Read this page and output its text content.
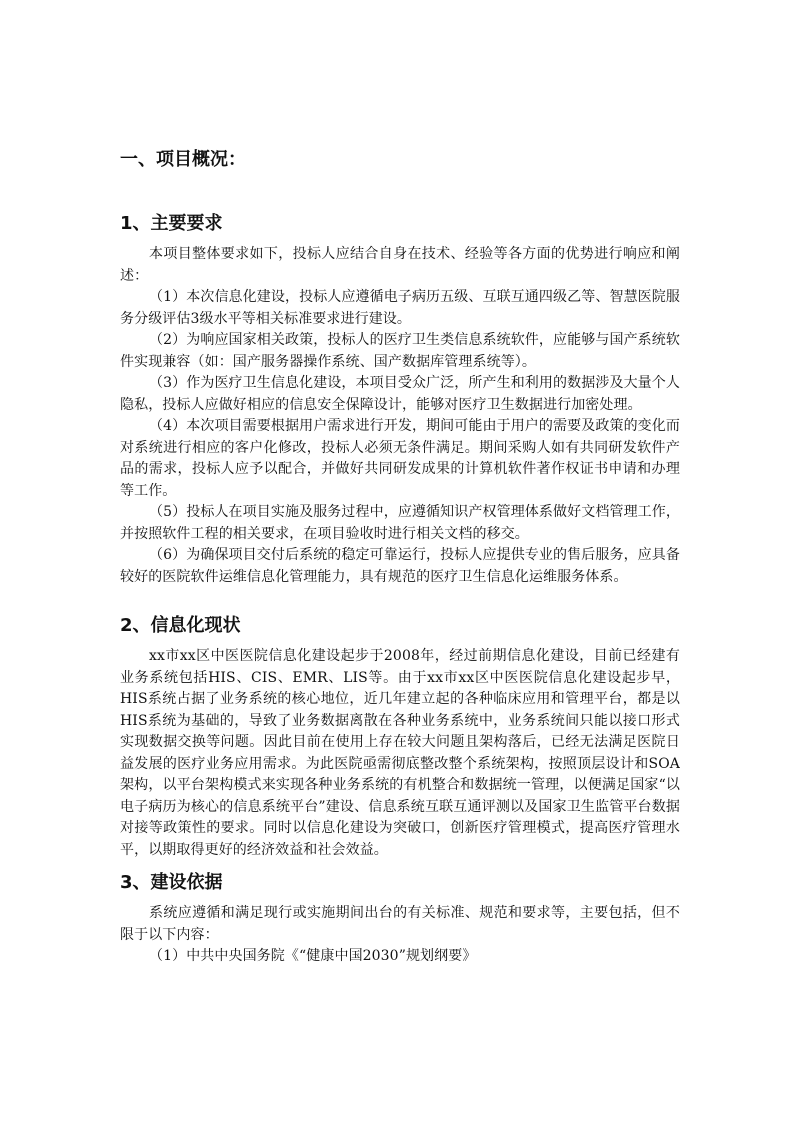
一、项目概况：
1、主要要求

本项目整体要求如下，投标人应结合自身在技术、经验等各方面的优势进行响应和阐述：

（1）本次信息化建设，投标人应遵循电子病历五级、互联互通四级乙等、智慧医院服务分级评估3级水平等相关标准要求进行建设。

（2）为响应国家相关政策，投标人的医疗卫生类信息系统软件，应能够与国产系统软件实现兼容（如：国产服务器操作系统、国产数据库管理系统等）。

（3）作为医疗卫生信息化建设，本项目受众广泛，所产生和利用的数据涉及大量个人隐私，投标人应做好相应的信息安全保障设计，能够对医疗卫生数据进行加密处理。

（4）本次项目需要根据用户需求进行开发，期间可能由于用户的需要及政策的变化而对系统进行相应的客户化修改，投标人必须无条件满足。期间采购人如有共同研发软件产品的需求，投标人应予以配合，并做好共同研发成果的计算机软件著作权证书申请和办理等工作。

（5）投标人在项目实施及服务过程中，应遵循知识产权管理体系做好文档管理工作，并按照软件工程的相关要求，在项目验收时进行相关文档的移交。

（6）为确保项目交付后系统的稳定可靠运行，投标人应提供专业的售后服务，应具备较好的医院软件运维信息化管理能力，具有规范的医疗卫生信息化运维服务体系。

2、信息化现状

xx市xx区中医医院信息化建设起步于2008年，经过前期信息化建设，目前已经建有业务系统包括HIS、CIS、EMR、LIS等。由于xx市xx区中医医院信息化建设起步早，HIS系统占据了业务系统的核心地位，近几年建立起的各种临床应用和管理平台，都是以HIS系统为基础的，导致了业务数据离散在各种业务系统中，业务系统间只能以接口形式实现数据交换等问题。因此目前在使用上存在较大问题且架构落后，已经无法满足医院日益发展的医疗业务应用需求。为此医院亟需彻底整改整个系统架构，按照顶层设计和SOA架构，以平台架构模式来实现各种业务系统的有机整合和数据统一管理，以便满足国家“以电子病历为核心的信息系统平台”建设、信息系统互联互通评测以及国家卫生监管平台数据对接等政策性的要求。同时以信息化建设为突破口，创新医疗管理模式，提高医疗管理水平，以期取得更好的经济效益和社会效益。

3、建设依据

系统应遵循和满足现行或实施期间出台的有关标准、规范和要求等，主要包括，但不限于以下内容：

（1）中共中央国务院《“健康中国2030”规划纲要》
